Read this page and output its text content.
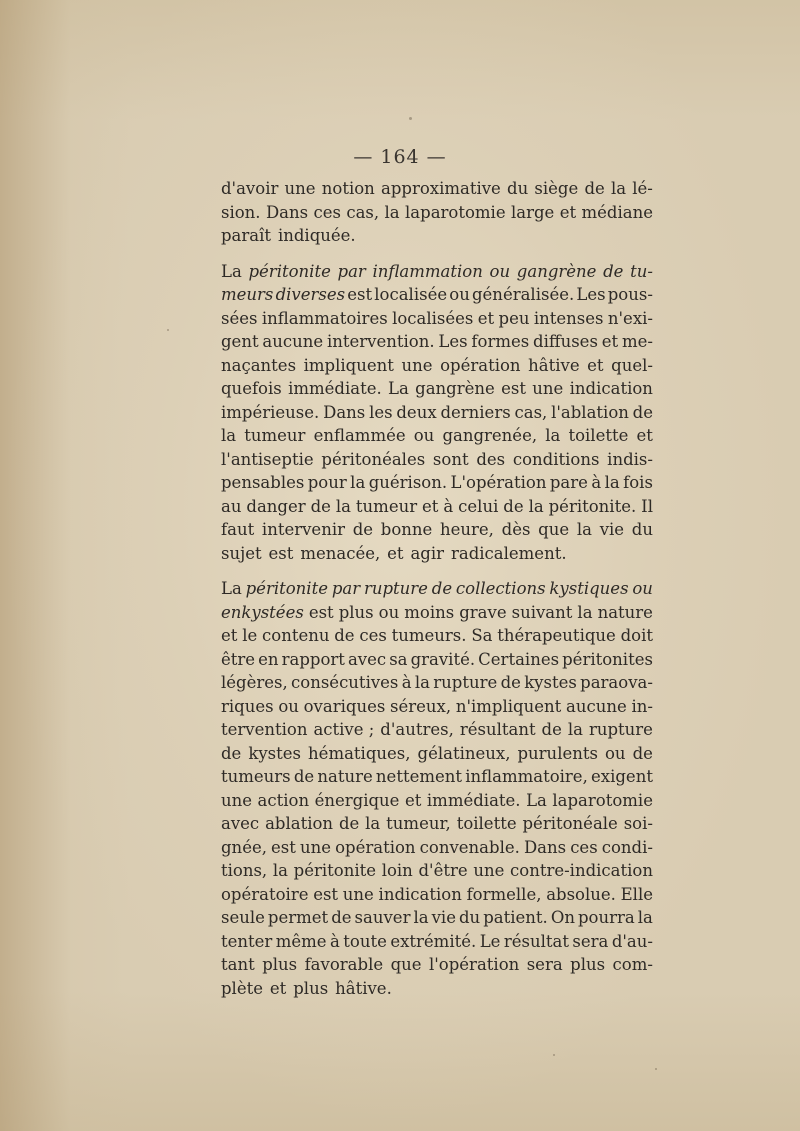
— 164 —
d'avoir une notion approximative du siège de la lé-
sion. Dans ces cas, la laparotomie large et médiane
paraît indiquée.
La péritonite par inflammation ou gangrène de tu-
meurs diverses est localisée ou généralisée. Les pous-
sées inflammatoires localisées et peu intenses n'exi-
gent aucune intervention. Les formes diffuses et me-
naçantes impliquent une opération hâtive et quel-
quefois immédiate. La gangrène est une indication
impérieuse. Dans les deux derniers cas, l'ablation de
la tumeur enflammée ou gangrenée, la toilette et
l'antiseptie péritonéales sont des conditions indis-
pensables pour la guérison. L'opération pare à la fois
au danger de la tumeur et à celui de la péritonite. Il
faut intervenir de bonne heure, dès que la vie du
sujet est menacée, et agir radicalement.
La péritonite par rupture de collections kystiques ou
enkystées est plus ou moins grave suivant la nature
et le contenu de ces tumeurs. Sa thérapeutique doit
être en rapport avec sa gravité. Certaines péritonites
légères, consécutives à la rupture de kystes paraova-
riques ou ovariques séreux, n'impliquent aucune in-
tervention active ; d'autres, résultant de la rupture
de kystes hématiques, gélatineux, purulents ou de
tumeurs de nature nettement inflammatoire, exigent
une action énergique et immédiate. La laparotomie
avec ablation de la tumeur, toilette péritonéale soi-
gnée, est une opération convenable. Dans ces condi-
tions, la péritonite loin d'être une contre-indication
opératoire est une indication formelle, absolue. Elle
seule permet de sauver la vie du patient. On pourra la
tenter même à toute extrémité. Le résultat sera d'au-
tant plus favorable que l'opération sera plus com-
plète et plus hâtive.
